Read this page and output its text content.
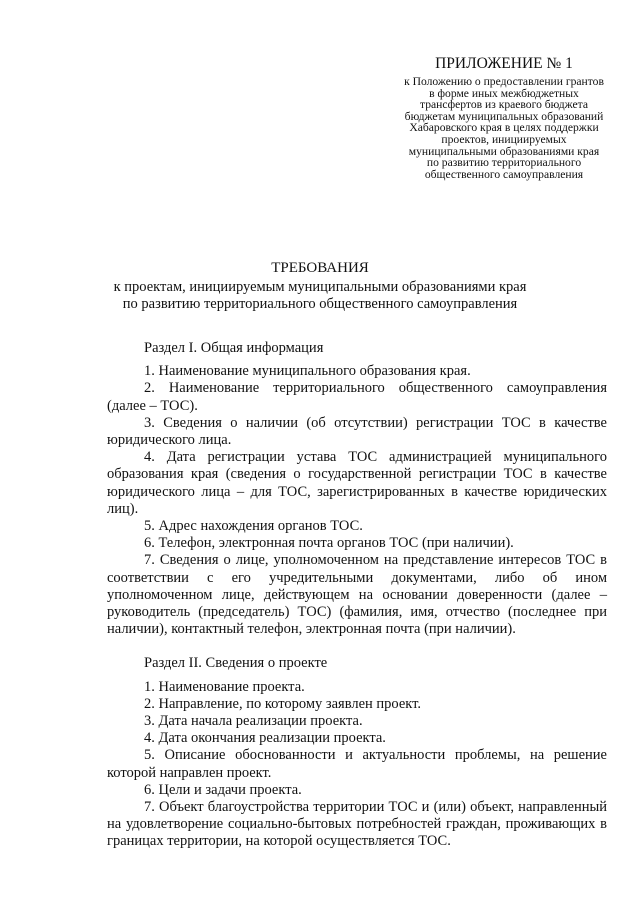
ПРИЛОЖЕНИЕ № 1
к Положению о предоставлении грантов
в форме иных межбюджетных
трансфертов из краевого бюджета
бюджетам муниципальных образований
Хабаровского края в целях поддержки
проектов, инициируемых
муниципальными образованиями края
по развитию территориального
общественного самоуправления
ТРЕБОВАНИЯ
к проектам, инициируемым муниципальными образованиями края
по развитию территориального общественного самоуправления
Раздел I. Общая информация
1. Наименование муниципального образования края.
2. Наименование территориального общественного самоуправления (далее – ТОС).
3. Сведения о наличии (об отсутствии) регистрации ТОС в качестве юридического лица.
4. Дата регистрации устава ТОС администрацией муниципального образования края (сведения о государственной регистрации ТОС в качестве юридического лица – для ТОС, зарегистрированных в качестве юридических лиц).
5. Адрес нахождения органов ТОС.
6. Телефон, электронная почта органов ТОС (при наличии).
7. Сведения о лице, уполномоченном на представление интересов ТОС в соответствии с его учредительными документами, либо об ином уполномоченном лице, действующем на основании доверенности (далее – руководитель (председатель) ТОС) (фамилия, имя, отчество (последнее при наличии), контактный телефон, электронная почта (при наличии).
Раздел II. Сведения о проекте
1. Наименование проекта.
2. Направление, по которому заявлен проект.
3. Дата начала реализации проекта.
4. Дата окончания реализации проекта.
5. Описание обоснованности и актуальности проблемы, на решение которой направлен проект.
6. Цели и задачи проекта.
7. Объект благоустройства территории ТОС и (или) объект, направленный на удовлетворение социально-бытовых потребностей граждан, проживающих в границах территории, на которой осуществляется ТОС.
